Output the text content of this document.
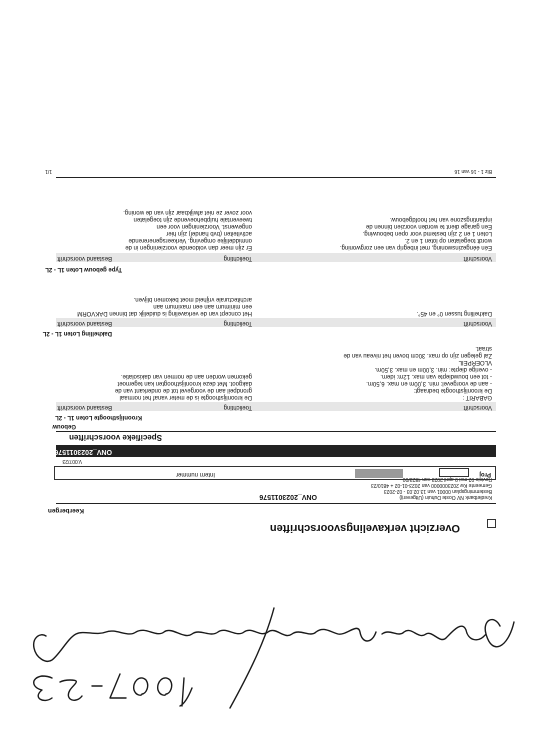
Overzicht verkavelingsvoorschriften
Keerbergen
Kredietbank NV Ooste Duhuin (Uitgeverij)
Bestemmingsplan 00001 van 13.02.03 - 02-2023
Gemeente Kw 2023000000 van 2023-01-02 + 4810/23
Revisie 02 mei 9 april 2023 van 4823/00
ONV_2023011576
Proj
Intern nummer
V.007/23
ONV_2023011576
Specifieke voorschriften
Gebouw
Kroonlijsthoogte Loten 1L - 2L
Voorschrift
Toelichting
Bestaand voorschrift
GABARIT :
De kroonlijsthoogte bedraagt:
- aan de voorgevel: min. 3,00m en max. 6,50m.
- tot een bouwdiepte van max. 12m: idem.
- overige diepte: min. 3,00m en max. 3,50m.
VLOERPEIL
Zal gelegen zijn op max. 30cm boven het niveau van de
straat.
De kroonlijsthoogte is de meter vanaf het normaal
grondpeil aan de voorgevel tot de onderkant van de
dakgoot. Met deze kroonlijsthoogten kan tegemoet
gekomen worden aan de normen van dakisolatie.
Dakhelling Loten 1L - 2L
Voorschrift
Toelichting
Bestaand voorschrift
Dakhelling tussen 0° en 45°.
Het concept van de verkaveling is duidelijk dat binnen DAKVORM
een minimum aan een maximum aan
architecturale vrijheid moet bekomen blijven.
Type gebouw Loten 1L - 2L
Voorschrift
Toelichting
Bestaand voorschrift
Eén ééngezinswoning, met inbegrip van een zorgwoning.
wordt toegelaten op loten 1 en 2.
Loten 1 en 2 zijn bestemd voor open bebouwing.
Een garage dient te worden voorzien binnen de
inplantingszone van het hoofdgebouw.
Er zijn meer dan voldoende voorzieningen in de
onmiddellijke omgeving. Verkeersgenererende
activiteiten (bvb handel) zijn hier
ongewenst. Voorzieningen voor een
tweeventale hulpbehoevende zijn toegelaten
voor zover ze niet afwijkbaar zijn van de woning.
Blz 1 - 16 van 16
1/1
